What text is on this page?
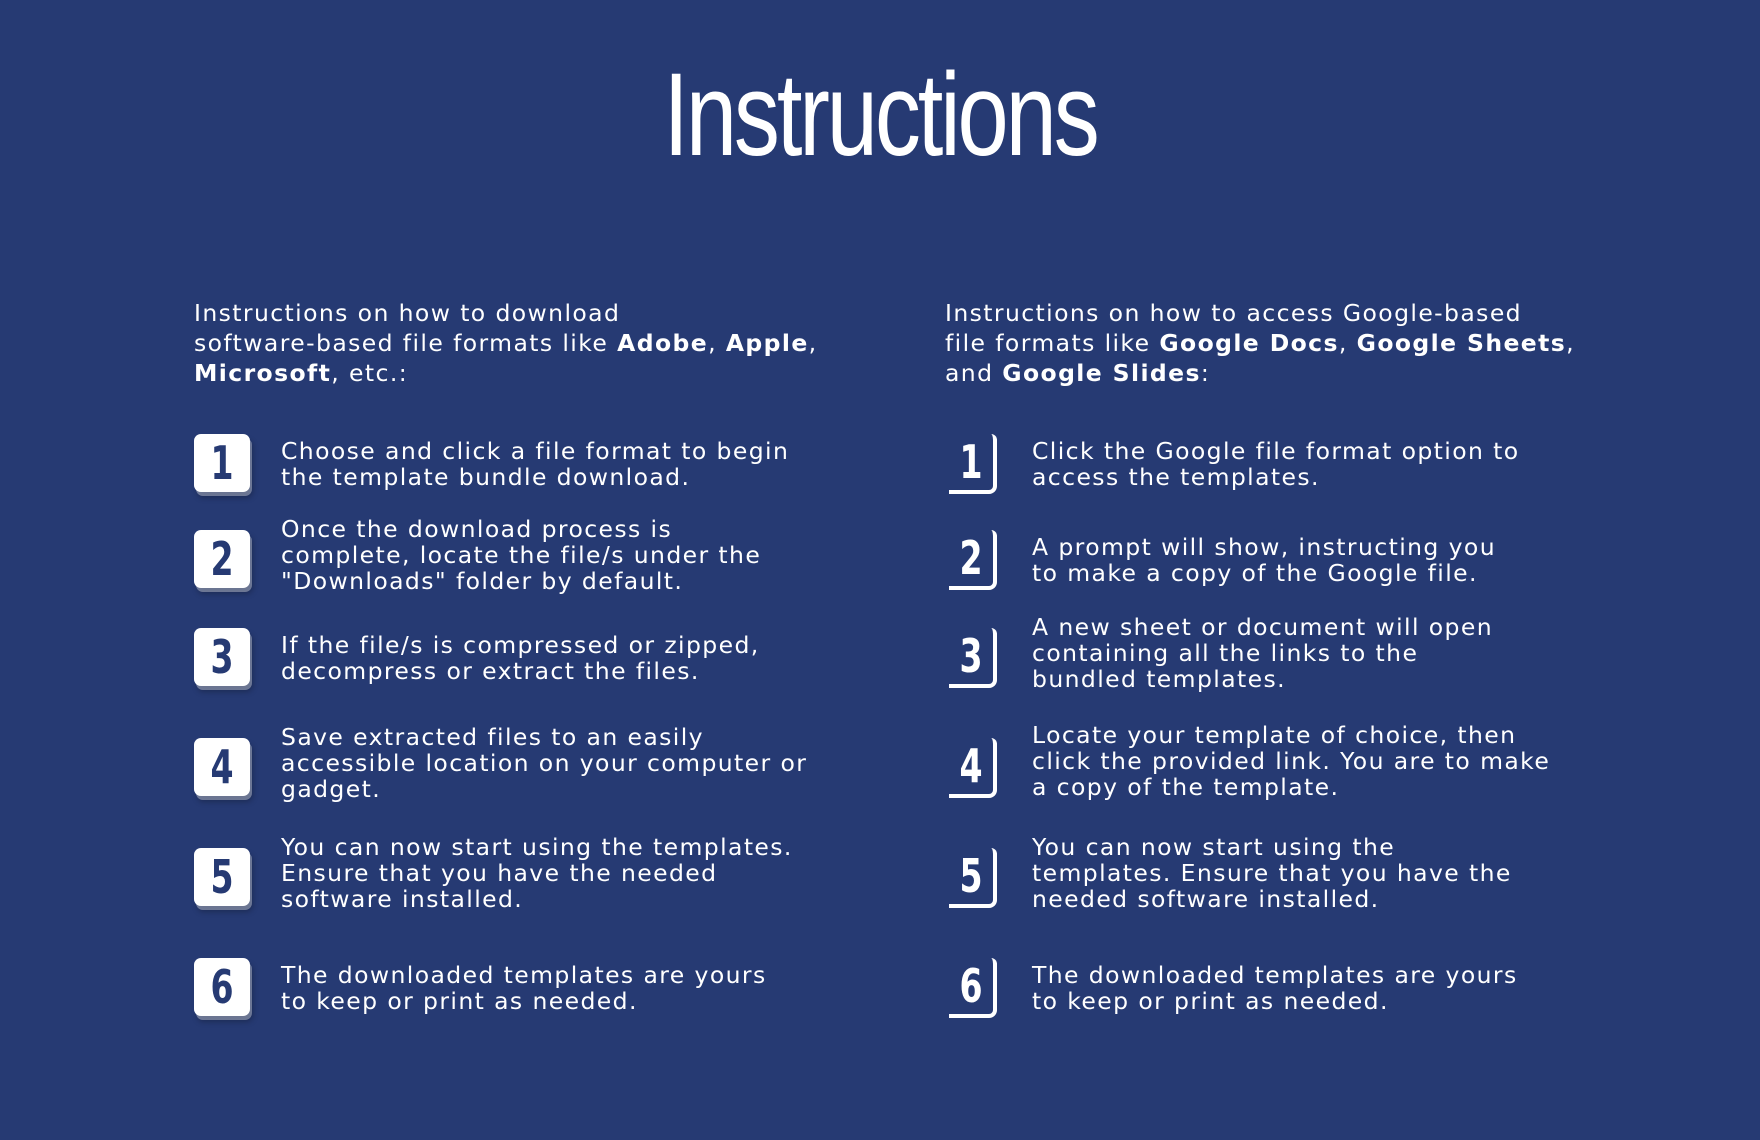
Instructions
Instructions on how to download
software-based file formats like Adobe, Apple,
Microsoft, etc.:
1 Choose and click a file format to begin
the template bundle download.
2
Once the download process is
complete, locate the file/s under the
"Downloads" folder by default.
3 If the file/s is compressed or zipped,
decompress or extract the files.
4
Save extracted files to an easily
accessible location on your computer or
gadget.
5
You can now start using the templates.
Ensure that you have the needed
software installed.
6 The downloaded templates are yours
to keep or print as needed.
Instructions on how to access Google-based
file formats like Google Docs, Google Sheets,
and Google Slides:
1 Click the Google file format option to
access the templates.
2 A prompt will show, instructing you
to make a copy of the Google file.
3
A new sheet or document will open
containing all the links to the
bundled templates.
4
Locate your template of choice, then
click the provided link. You are to make
a copy of the template.
5
You can now start using the
templates. Ensure that you have the
needed software installed.
6 The downloaded templates are yours
to keep or print as needed.
